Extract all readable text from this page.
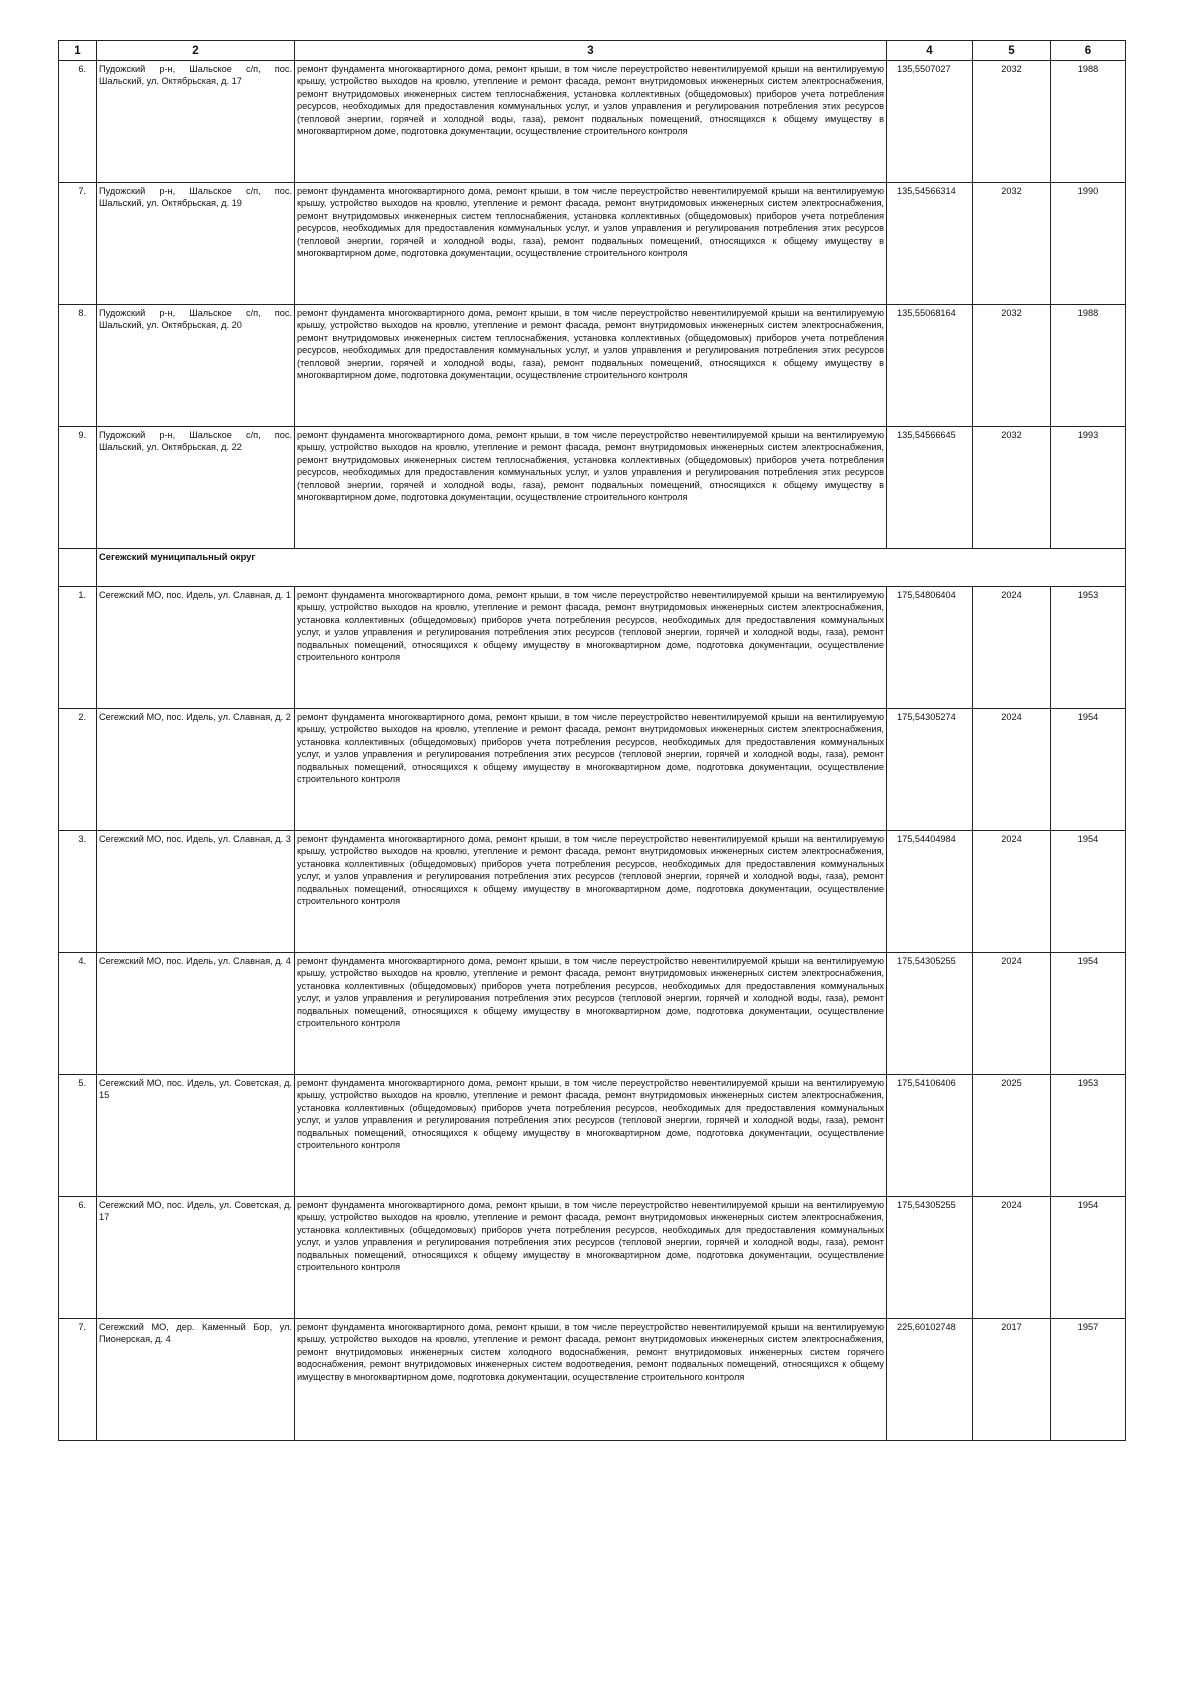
1	2	3	4	5	6
6.	Пудожский р-н, Шальское с/п, пос. Шальский, ул. Октябрьская, д. 17	ремонт фундамента многоквартирного дома, ремонт крыши, в том числе переустройство невентилируемой крыши на вентилируемую крышу, устройство выходов на кровлю, утепление и ремонт фасада, ремонт внутридомовых инженерных систем электроснабжения, ремонт внутридомовых инженерных систем теплоснабжения, установка коллективных (общедомовых) приборов учета потребления ресурсов, необходимых для предоставления коммунальных услуг, и узлов управления и регулирования потребления этих ресурсов (тепловой энергии, горячей и холодной воды, газа), ремонт подвальных помещений, относящихся к общему имуществу в многоквартирном доме, подготовка документации, осуществление строительного контроля	135,5507027	2032	1988
7.	Пудожский р-н, Шальское с/п, пос. Шальский, ул. Октябрьская, д. 19	ремонт фундамента многоквартирного дома, ремонт крыши, в том числе переустройство невентилируемой крыши на вентилируемую крышу, устройство выходов на кровлю, утепление и ремонт фасада, ремонт внутридомовых инженерных систем электроснабжения, ремонт внутридомовых инженерных систем теплоснабжения, установка коллективных (общедомовых) приборов учета потребления ресурсов, необходимых для предоставления коммунальных услуг, и узлов управления и регулирования потребления этих ресурсов (тепловой энергии, горячей и холодной воды, газа), ремонт подвальных помещений, относящихся к общему имуществу в многоквартирном доме, подготовка документации, осуществление строительного контроля	135,54566314	2032	1990
8.	Пудожский р-н, Шальское с/п, пос. Шальский, ул. Октябрьская, д. 20	ремонт фундамента многоквартирного дома, ремонт крыши, в том числе переустройство невентилируемой крыши на вентилируемую крышу, устройство выходов на кровлю, утепление и ремонт фасада, ремонт внутридомовых инженерных систем электроснабжения, ремонт внутридомовых инженерных систем теплоснабжения, установка коллективных (общедомовых) приборов учета потребления ресурсов, необходимых для предоставления коммунальных услуг, и узлов управления и регулирования потребления этих ресурсов (тепловой энергии, горячей и холодной воды, газа), ремонт подвальных помещений, относящихся к общему имуществу в многоквартирном доме, подготовка документации, осуществление строительного контроля	135,55068164	2032	1988
9.	Пудожский р-н, Шальское с/п, пос. Шальский, ул. Октябрьская, д. 22	ремонт фундамента многоквартирного дома, ремонт крыши, в том числе переустройство невентилируемой крыши на вентилируемую крышу, устройство выходов на кровлю, утепление и ремонт фасада, ремонт внутридомовых инженерных систем электроснабжения, ремонт внутридомовых инженерных систем теплоснабжения, установка коллективных (общедомовых) приборов учета потребления ресурсов, необходимых для предоставления коммунальных услуг, и узлов управления и регулирования потребления этих ресурсов (тепловой энергии, горячей и холодной воды, газа), ремонт подвальных помещений, относящихся к общему имуществу в многоквартирном доме, подготовка документации, осуществление строительного контроля	135,54566645	2032	1993
	Сегежский муниципальный округ				
1.	Сегежский МО, пос. Идель, ул. Славная, д. 1	ремонт фундамента многоквартирного дома, ремонт крыши, в том числе переустройство невентилируемой крыши на вентилируемую крышу, устройство выходов на кровлю, утепление и ремонт фасада, ремонт внутридомовых инженерных систем электроснабжения, установка коллективных (общедомовых) приборов учета потребления ресурсов, необходимых для предоставления коммунальных услуг, и узлов управления и регулирования потребления этих ресурсов (тепловой энергии, горячей и холодной воды, газа), ремонт подвальных помещений, относящихся к общему имуществу в многоквартирном доме, подготовка документации, осуществление строительного контроля	175,54806404	2024	1953
2.	Сегежский МО, пос. Идель, ул. Славная, д. 2	ремонт фундамента многоквартирного дома, ремонт крыши, в том числе переустройство невентилируемой крыши на вентилируемую крышу, устройство выходов на кровлю, утепление и ремонт фасада, ремонт внутридомовых инженерных систем электроснабжения, установка коллективных (общедомовых) приборов учета потребления ресурсов, необходимых для предоставления коммунальных услуг, и узлов управления и регулирования потребления этих ресурсов (тепловой энергии, горячей и холодной воды, газа), ремонт подвальных помещений, относящихся к общему имуществу в многоквартирном доме, подготовка документации, осуществление строительного контроля	175,54305274	2024	1954
3.	Сегежский МО, пос. Идель, ул. Славная, д. 3	ремонт фундамента многоквартирного дома, ремонт крыши, в том числе переустройство невентилируемой крыши на вентилируемую крышу, устройство выходов на кровлю, утепление и ремонт фасада, ремонт внутридомовых инженерных систем электроснабжения, установка коллективных (общедомовых) приборов учета потребления ресурсов, необходимых для предоставления коммунальных услуг, и узлов управления и регулирования потребления этих ресурсов (тепловой энергии, горячей и холодной воды, газа), ремонт подвальных помещений, относящихся к общему имуществу в многоквартирном доме, подготовка документации, осуществление строительного контроля	175,54404984	2024	1954
4.	Сегежский МО, пос. Идель, ул. Славная, д. 4	ремонт фундамента многоквартирного дома, ремонт крыши, в том числе переустройство невентилируемой крыши на вентилируемую крышу, устройство выходов на кровлю, утепление и ремонт фасада, ремонт внутридомовых инженерных систем электроснабжения, установка коллективных (общедомовых) приборов учета потребления ресурсов, необходимых для предоставления коммунальных услуг, и узлов управления и регулирования потребления этих ресурсов (тепловой энергии, горячей и холодной воды, газа), ремонт подвальных помещений, относящихся к общему имуществу в многоквартирном доме, подготовка документации, осуществление строительного контроля	175,54305255	2024	1954
5.	Сегежский МО, пос. Идель, ул. Советская, д. 15	ремонт фундамента многоквартирного дома, ремонт крыши, в том числе переустройство невентилируемой крыши на вентилируемую крышу, устройство выходов на кровлю, утепление и ремонт фасада, ремонт внутридомовых инженерных систем электроснабжения, установка коллективных (общедомовых) приборов учета потребления ресурсов, необходимых для предоставления коммунальных услуг, и узлов управления и регулирования потребления этих ресурсов (тепловой энергии, горячей и холодной воды, газа), ремонт подвальных помещений, относящихся к общему имуществу в многоквартирном доме, подготовка документации, осуществление строительного контроля	175,54106406	2025	1953
6.	Сегежский МО, пос. Идель, ул. Советская, д. 17	ремонт фундамента многоквартирного дома, ремонт крыши, в том числе переустройство невентилируемой крыши на вентилируемую крышу, устройство выходов на кровлю, утепление и ремонт фасада, ремонт внутридомовых инженерных систем электроснабжения, установка коллективных (общедомовых) приборов учета потребления ресурсов, необходимых для предоставления коммунальных услуг, и узлов управления и регулирования потребления этих ресурсов (тепловой энергии, горячей и холодной воды, газа), ремонт подвальных помещений, относящихся к общему имуществу в многоквартирном доме, подготовка документации, осуществление строительного контроля	175,54305255	2024	1954
7.	Сегежский МО, дер. Каменный Бор, ул. Пионерская, д. 4	ремонт фундамента многоквартирного дома, ремонт крыши, в том числе переустройство невентилируемой крыши на вентилируемую крышу, устройство выходов на кровлю, утепление и ремонт фасада, ремонт внутридомовых инженерных систем электроснабжения, ремонт внутридомовых инженерных систем холодного водоснабжения, ремонт внутридомовых инженерных систем горячего водоснабжения, ремонт внутридомовых инженерных систем водоотведения, ремонт подвальных помещений, относящихся к общему имуществу в многоквартирном доме, подготовка документации, осуществление строительного контроля	225,60102748	2017	1957
